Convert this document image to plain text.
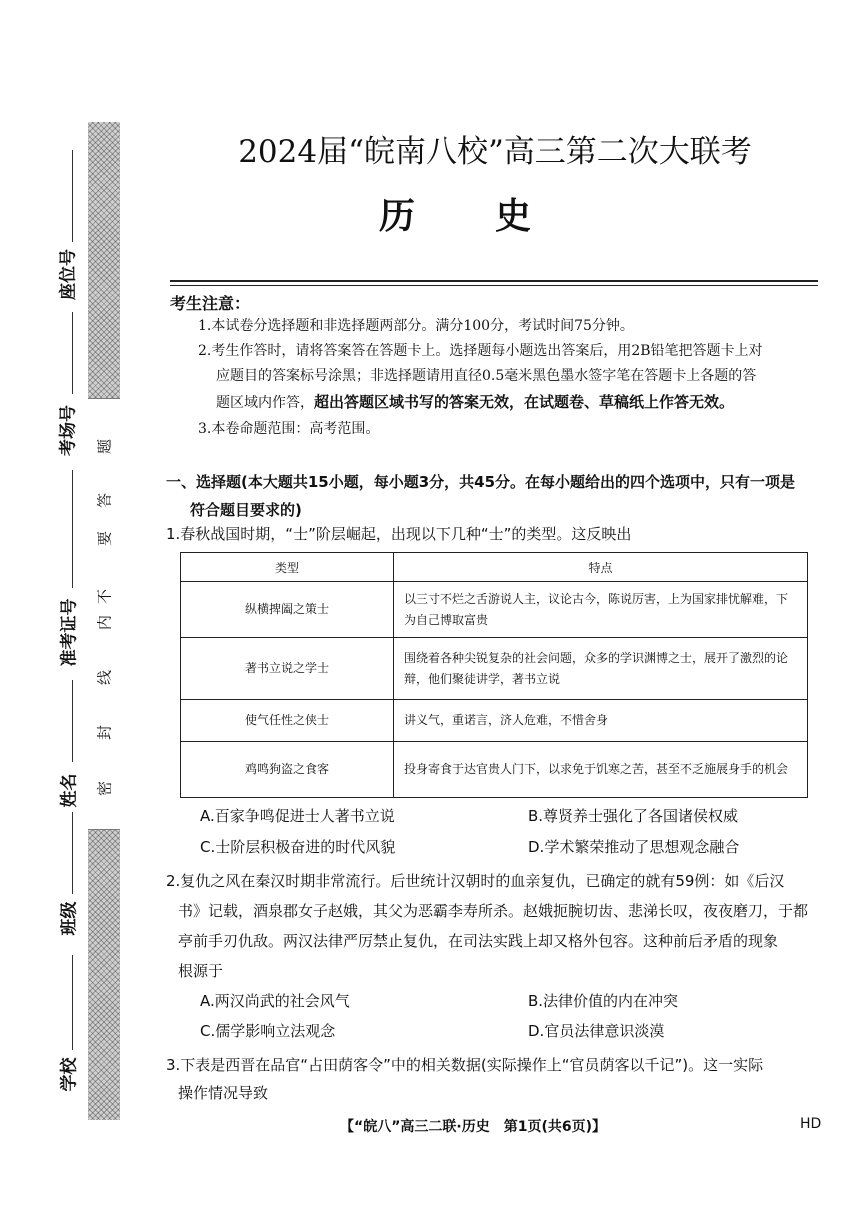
密
封
线
内
不
要
答
题
学校
班级
姓名
准考证号
考场号
座位号
2024届“皖南八校”高三第二次大联考
历史
考生注意：
1.本试卷分选择题和非选择题两部分。满分100分，考试时间75分钟。
2.考生作答时，请将答案答在答题卡上。选择题每小题选出答案后，用2B铅笔把答题卡上对
应题目的答案标号涂黑；非选择题请用直径0.5毫米黑色墨水签字笔在答题卡上各题的答
题区域内作答，超出答题区域书写的答案无效，在试题卷、草稿纸上作答无效。
3.本卷命题范围：高考范围。
一、选择题(本大题共15小题，每小题3分，共45分。在每小题给出的四个选项中，只有一项是
符合题目要求的)
1.春秋战国时期，“士”阶层崛起，出现以下几种“士”的类型。这反映出
类型	特点
纵横捭阖之策士	以三寸不烂之舌游说人主，议论古今，陈说厉害，上为国家排忧解难，下为自己博取富贵
著书立说之学士	围绕着各种尖锐复杂的社会问题，众多的学识渊博之士，展开了激烈的论辩，他们聚徒讲学，著书立说
使气任性之侠士	讲义气，重诺言，济人危难，不惜舍身
鸡鸣狗盗之食客	投身寄食于达官贵人门下，以求免于饥寒之苦，甚至不乏施展身手的机会
A.百家争鸣促进士人著书立说	B.尊贤养士强化了各国诸侯权威
C.士阶层积极奋进的时代风貌	D.学术繁荣推动了思想观念融合
2.复仇之风在秦汉时期非常流行。后世统计汉朝时的血亲复仇，已确定的就有59例：如《后汉
书》记载，酒泉郡女子赵娥，其父为恶霸李寿所杀。赵娥扼腕切齿、悲涕长叹，夜夜磨刀，于都
亭前手刃仇敌。两汉法律严厉禁止复仇，在司法实践上却又格外包容。这种前后矛盾的现象
根源于
A.两汉尚武的社会风气	B.法律价值的内在冲突
C.儒学影响立法观念	D.官员法律意识淡漠
3.下表是西晋在品官“占田荫客令”中的相关数据(实际操作上“官员荫客以千记”)。这一实际
操作情况导致
【“皖八”高三二联·历史　第1页(共6页)】	HD
